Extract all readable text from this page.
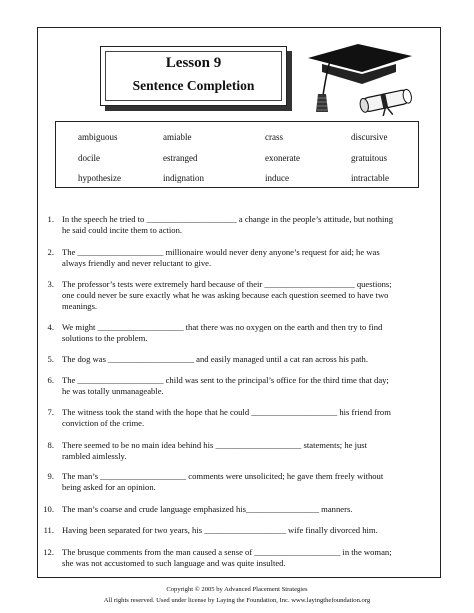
Lesson 9
Sentence Completion
ambiguous	amiable	crass	discursive
docile	estranged	exonerate	gratuitous
hypothesize	indignation	induce	intractable
1. In the speech he tried to _____________________ a change in the people’s attitude, but nothing
he said could incite them to action.
2. The ____________________ millionaire would never deny anyone’s request for aid; he was
always friendly and never reluctant to give.
3. The professor’s tests were extremely hard because of their _____________________ questions;
one could never be sure exactly what he was asking because each question seemed to have two
meanings.
4. We might ____________________ that there was no oxygen on the earth and then try to find
solutions to the problem.
5. The dog was ____________________ and easily managed until a cat ran across his path.
6. The ____________________ child was sent to the principal’s office for the third time that day;
he was totally unmanageable.
7. The witness took the stand with the hope that he could ____________________ his friend from
conviction of the crime.
8. There seemed to be no main idea behind his ____________________ statements; he just
rambled aimlessly.
9. The man’s ____________________ comments were unsolicited; he gave them freely without
being asked for an opinion.
10. The man’s coarse and crude language emphasized his_________________ manners.
11. Having been separated for two years, his ___________________ wife finally divorced him.
12. The brusque comments from the man caused a sense of ____________________ in the woman;
she was not accustomed to such language and was quite insulted.
Copyright © 2005 by Advanced Placement Strategies
All rights reserved. Used under license by Laying the Foundation, Inc. www.layingthefoundation.org
